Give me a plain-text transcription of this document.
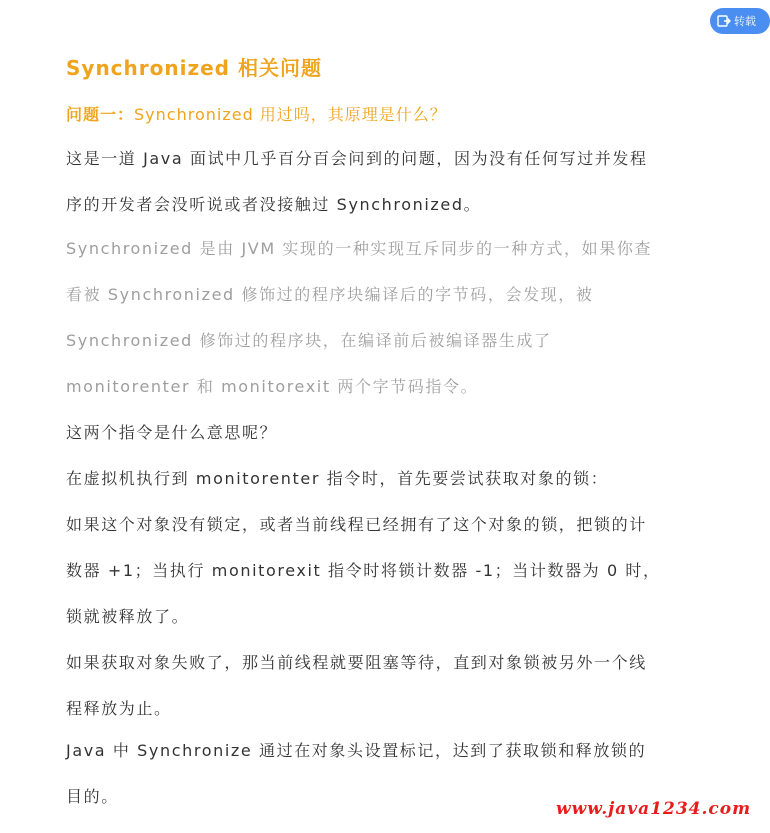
转载
Synchronized 相关问题
问题一：Synchronized 用过吗，其原理是什么？

这是一道 Java 面试中几乎百分百会问到的问题，因为没有任何写过并发程序的开发者会没听说或者没接触过 Synchronized。

Synchronized 是由 JVM 实现的一种实现互斥同步的一种方式，如果你查看被 Synchronized 修饰过的程序块编译后的字节码，会发现，被 Synchronized 修饰过的程序块，在编译前后被编译器生成了 monitorenter 和 monitorexit 两个字节码指令。

这两个指令是什么意思呢？

在虚拟机执行到 monitorenter 指令时，首先要尝试获取对象的锁：

如果这个对象没有锁定，或者当前线程已经拥有了这个对象的锁，把锁的计数器 +1；当执行 monitorexit 指令时将锁计数器 -1；当计数器为 0 时，锁就被释放了。

如果获取对象失败了，那当前线程就要阻塞等待，直到对象锁被另外一个线程释放为止。

Java 中 Synchronize 通过在对象头设置标记，达到了获取锁和释放锁的目的。

www.java1234.com
